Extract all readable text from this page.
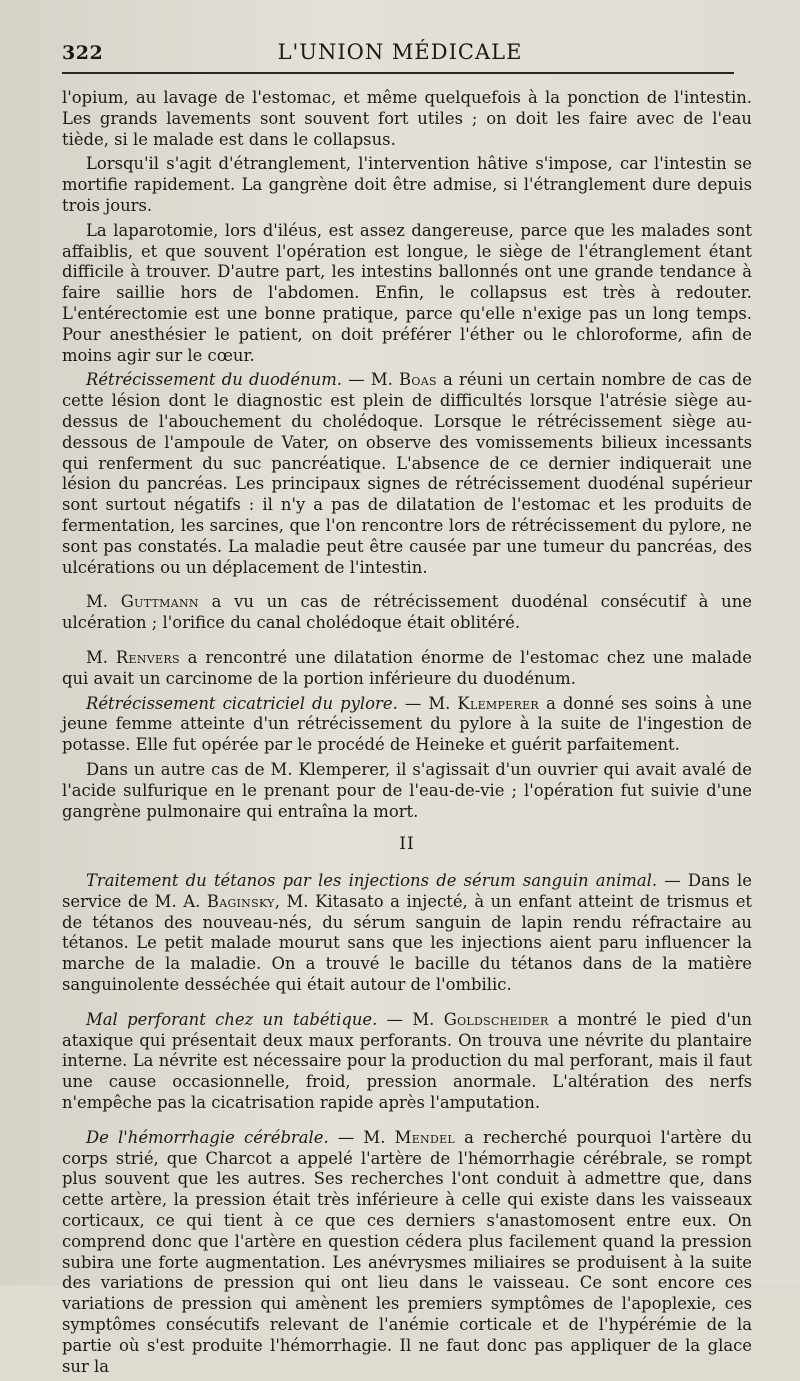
322	L'UNION MÉDICALE

l'opium, au lavage de l'estomac, et même quelquefois à la ponction de l'intestin. Les grands lavements sont souvent fort utiles ; on doit les faire avec de l'eau tiède, si le malade est dans le collapsus.

Lorsqu'il s'agit d'étranglement, l'intervention hâtive s'impose, car l'intestin se mortifie rapidement. La gangrène doit être admise, si l'étranglement dure depuis trois jours.

La laparotomie, lors d'iléus, est assez dangereuse, parce que les malades sont affaiblis, et que souvent l'opération est longue, le siège de l'étranglement étant difficile à trouver. D'autre part, les intestins ballonnés ont une grande tendance à faire saillie hors de l'abdomen. Enfin, le collapsus est très à redouter. L'entérectomie est une bonne pratique, parce qu'elle n'exige pas un long temps. Pour anesthésier le patient, on doit préférer l'éther ou le chloroforme, afin de moins agir sur le cœur.

Rétrécissement du duodénum. — M. Boas a réuni un certain nombre de cas de cette lésion dont le diagnostic est plein de difficultés lorsque l'atrésie siège au-dessus de l'abouchement du cholédoque. Lorsque le rétrécissement siège au-dessous de l'ampoule de Vater, on observe des vomissements bilieux incessants qui renferment du suc pancréatique. L'absence de ce dernier indiquerait une lésion du pancréas. Les principaux signes de rétrécissement duodénal supérieur sont surtout négatifs : il n'y a pas de dilatation de l'estomac et les produits de fermentation, les sarcines, que l'on rencontre lors de rétrécissement du pylore, ne sont pas constatés. La maladie peut être causée par une tumeur du pancréas, des ulcérations ou un déplacement de l'intestin.

M. Guttmann a vu un cas de rétrécissement duodénal consécutif à une ulcération ; l'orifice du canal cholédoque était oblitéré.

M. Renvers a rencontré une dilatation énorme de l'estomac chez une malade qui avait un carcinome de la portion inférieure du duodénum.

Rétrécissement cicatriciel du pylore. — M. Klemperer a donné ses soins à une jeune femme atteinte d'un rétrécissement du pylore à la suite de l'ingestion de potasse. Elle fut opérée par le procédé de Heineke et guérit parfaitement.

Dans un autre cas de M. Klemperer, il s'agissait d'un ouvrier qui avait avalé de l'acide sulfurique en le prenant pour de l'eau-de-vie ; l'opération fut suivie d'une gangrène pulmonaire qui entraîna la mort.

II

Traitement du tétanos par les injections de sérum sanguin animal. — Dans le service de M. A. Baginsky, M. Kitasato a injecté, à un enfant atteint de trismus et de tétanos des nouveau-nés, du sérum sanguin de lapin rendu réfractaire au tétanos. Le petit malade mourut sans que les injections aient paru influencer la marche de la maladie. On a trouvé le bacille du tétanos dans de la matière sanguinolente desséchée qui était autour de l'ombilic.

Mal perforant chez un tabétique. — M. Goldscheider a montré le pied d'un ataxique qui présentait deux maux perforants. On trouva une névrite du plantaire interne. La névrite est nécessaire pour la production du mal perforant, mais il faut une cause occasionnelle, froid, pression anormale. L'altération des nerfs n'empêche pas la cicatrisation rapide après l'amputation.

De l'hémorrhagie cérébrale. — M. Mendel a recherché pourquoi l'artère du corps strié, que Charcot a appelé l'artère de l'hémorrhagie cérébrale, se rompt plus souvent que les autres. Ses recherches l'ont conduit à admettre que, dans cette artère, la pression était très inférieure à celle qui existe dans les vaisseaux corticaux, ce qui tient à ce que ces derniers s'anastomosent entre eux. On comprend donc que l'artère en question cédera plus facilement quand la pression subira une forte augmentation. Les anévrysmes miliaires se produisent à la suite des variations de pression qui ont lieu dans le vaisseau. Ce sont encore ces variations de pression qui amènent les premiers symptômes de l'apoplexie, ces symptômes consécutifs relevant de l'anémie corticale et de l'hypérémie de la partie où s'est produite l'hémorrhagie. Il ne faut donc pas appliquer de la glace sur la
